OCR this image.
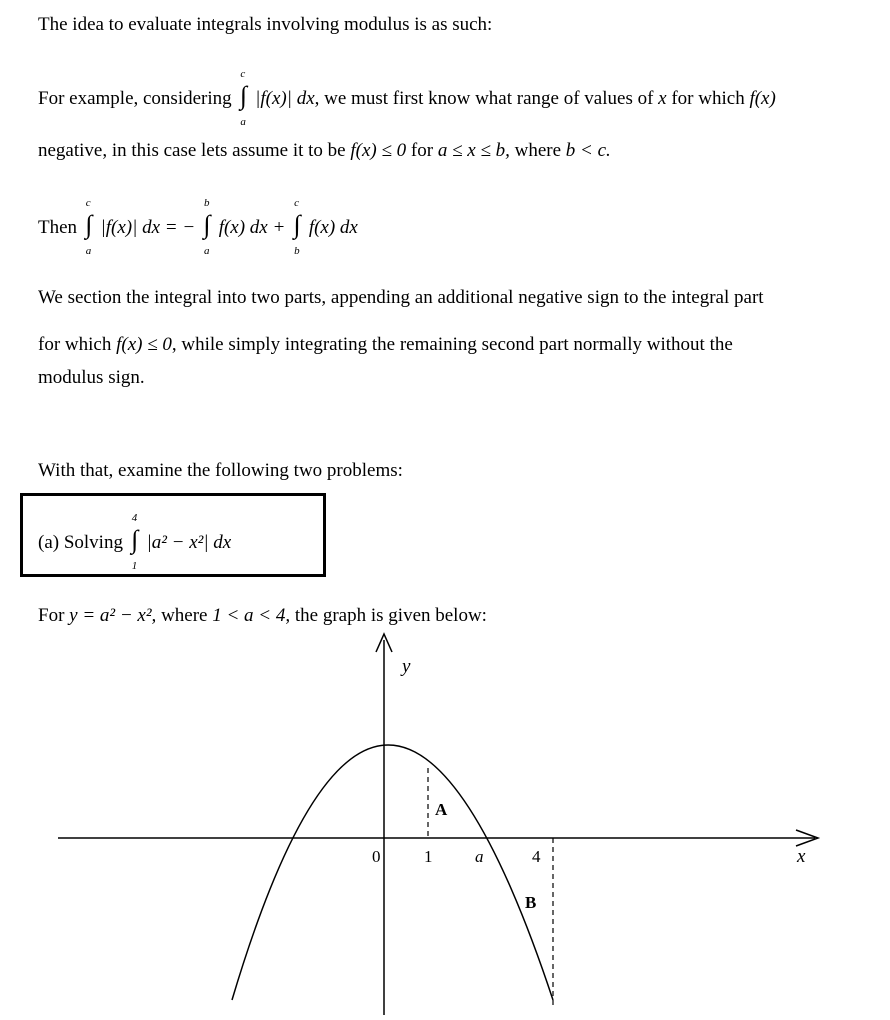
The idea to evaluate integrals involving modulus is as such:
For example, considering
c
∫
a
|f(x)| dx, we must first know what range of values of x for which f(x)
negative, in this case lets assume it to be f(x) ≤ 0 for a ≤ x ≤ b, where b < c.
Then
c
∫
a
|f(x)| dx = −
b
∫
a
f(x) dx +
c
∫
b
f(x) dx
We section the integral into two parts, appending an additional negative sign to the integral part
for which f(x) ≤ 0, while simply integrating the remaining second part normally without the
modulus sign.
With that, examine the following two problems:
(a) Solving
4
∫
1
|a² − x²| dx
For y = a² − x², where 1 < a < 4, the graph is given below:
y
x
0	1	a	4
A
B
